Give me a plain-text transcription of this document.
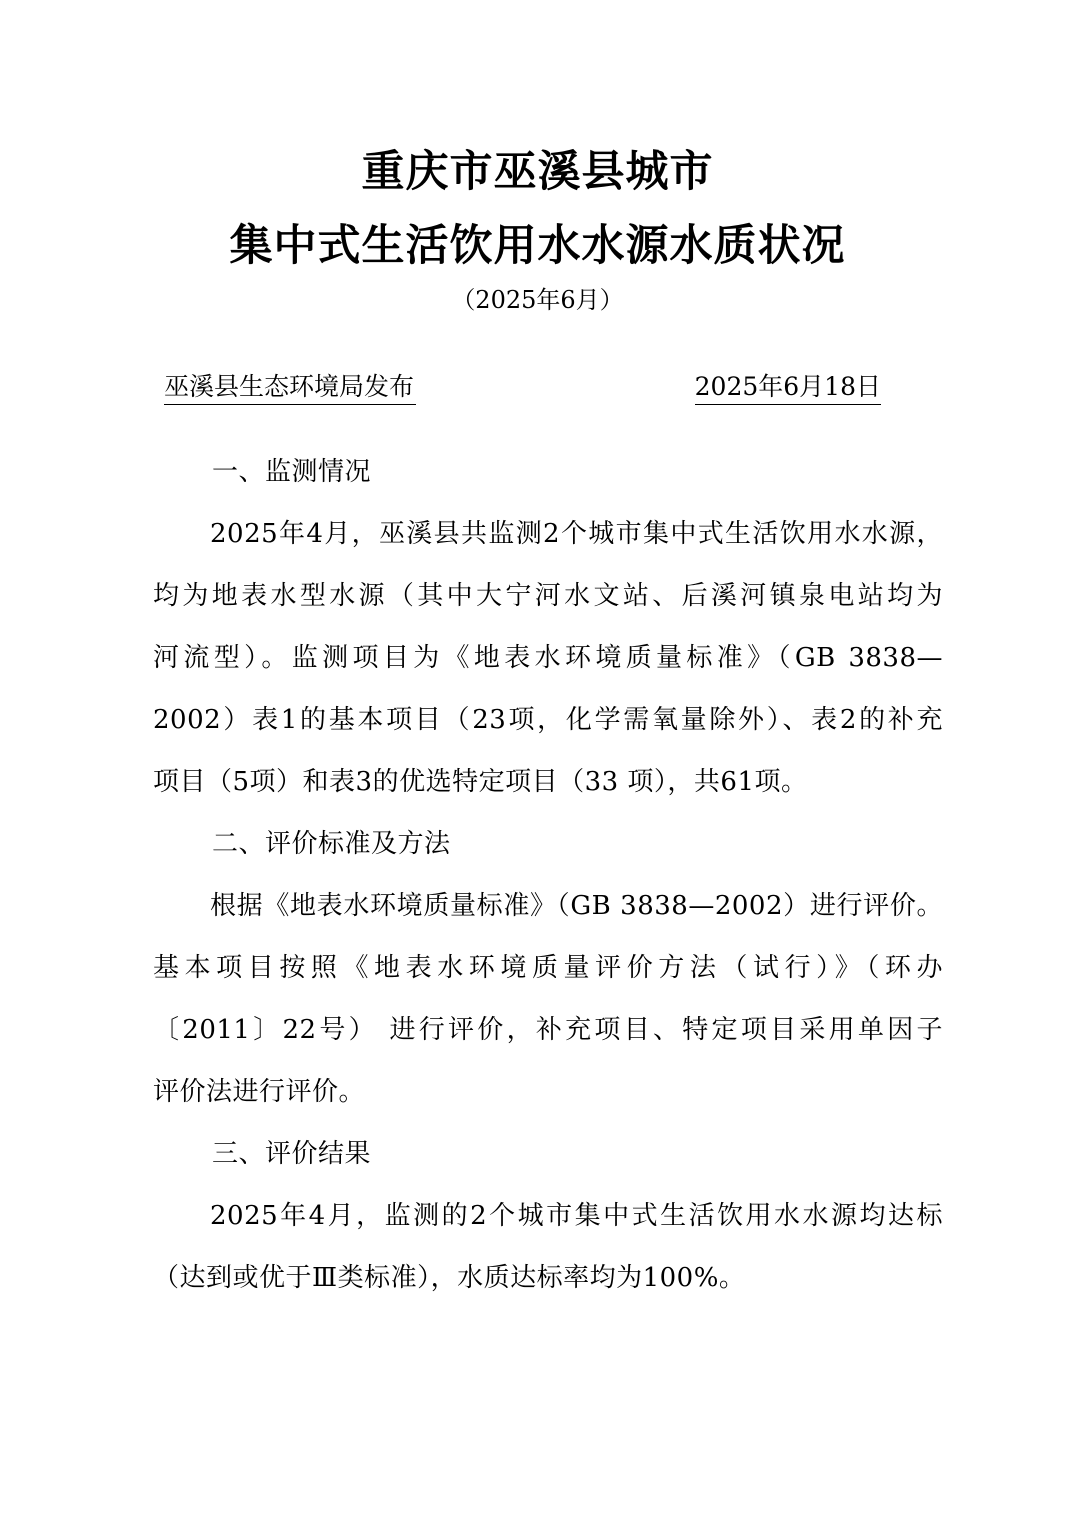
重庆市巫溪县城市
集中式生活饮用水水源水质状况
（2025年6月）
巫溪县生态环境局发布	2025年6月18日
一、监测情况
2025年4月，巫溪县共监测2个城市集中式生活饮用水水源，
均为地表水型水源（其中大宁河水文站、后溪河镇泉电站均为
河流型）。监测项目为《地表水环境质量标准》（GB 3838—
2002）表1的基本项目（23项，化学需氧量除外）、表2的补充
项目（5项）和表3的优选特定项目（33 项），共61项。
二、评价标准及方法
根据《地表水环境质量标准》（GB 3838—2002）进行评价。
基本项目按照《地表水环境质量评价方法（试行）》（环办
〔2011〕22号） 进行评价，补充项目、特定项目采用单因子
评价法进行评价。
三、评价结果
2025年4月，监测的2个城市集中式生活饮用水水源均达标
（达到或优于Ⅲ类标准），水质达标率均为100%。
